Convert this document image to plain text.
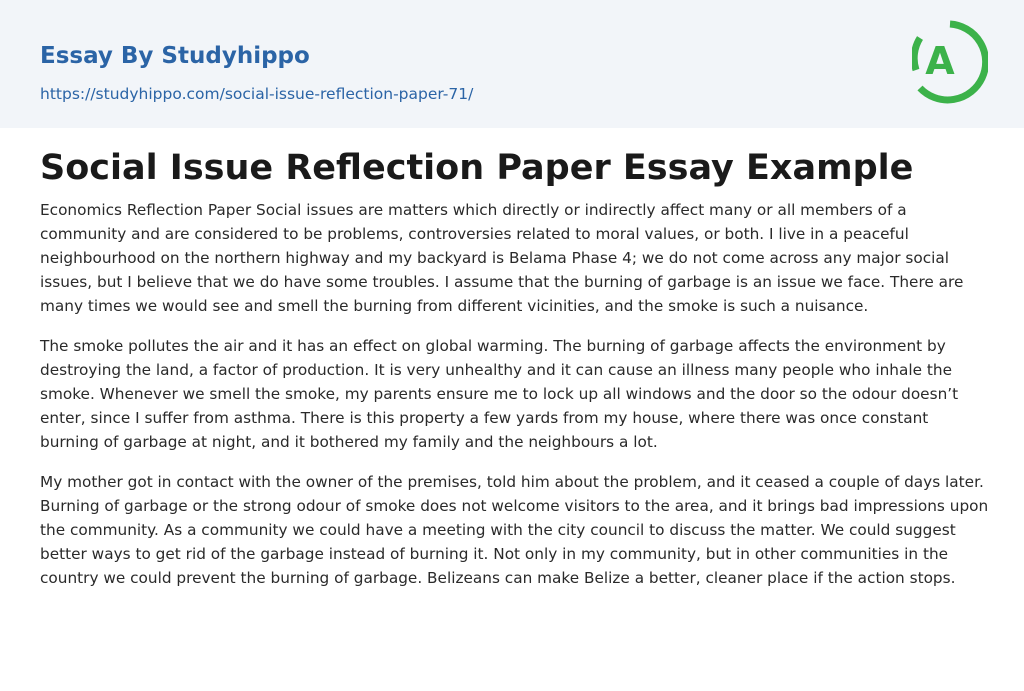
Essay By Studyhippo
https://studyhippo.com/social-issue-reflection-paper-71/
A
Social Issue Reflection Paper Essay Example

Economics Reflection Paper Social issues are matters which directly or indirectly affect many or all members of a community and are considered to be problems, controversies related to moral values, or both. I live in a peaceful neighbourhood on the northern highway and my backyard is Belama Phase 4; we do not come across any major social issues, but I believe that we do have some troubles. I assume that the burning of garbage is an issue we face. There are many times we would see and smell the burning from different vicinities, and the smoke is such a nuisance.

The smoke pollutes the air and it has an effect on global warming. The burning of garbage affects the environment by destroying the land, a factor of production. It is very unhealthy and it can cause an illness many people who inhale the smoke. Whenever we smell the smoke, my parents ensure me to lock up all windows and the door so the odour doesn’t enter, since I suffer from asthma. There is this property a few yards from my house, where there was once constant burning of garbage at night, and it bothered my family and the neighbours a lot.

My mother got in contact with the owner of the premises, told him about the problem, and it ceased a couple of days later. Burning of garbage or the strong odour of smoke does not welcome visitors to the area, and it brings bad impressions upon the community. As a community we could have a meeting with the city council to discuss the matter. We could suggest better ways to get rid of the garbage instead of burning it. Not only in my community, but in other communities in the country we could prevent the burning of garbage. Belizeans can make Belize a better, cleaner place if the action stops.
